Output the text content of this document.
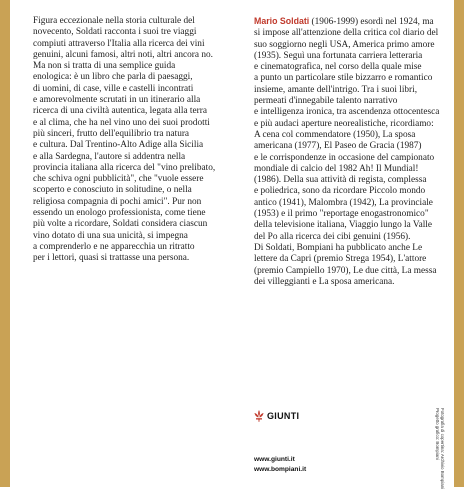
Figura eccezionale nella storia culturale del
novecento, Soldati racconta i suoi tre viaggi
compiuti attraverso l'Italia alla ricerca dei vini
genuini, alcuni famosi, altri noti, altri ancora no.
Ma non si tratta di una semplice guida
enologica: è un libro che parla di paesaggi,
di uomini, di case, ville e castelli incontrati
e amorevolmente scrutati in un itinerario alla
ricerca di una civiltà autentica, legata alla terra
e al clima, che ha nel vino uno dei suoi prodotti
più sinceri, frutto dell'equilibrio tra natura
e cultura. Dal Trentino-Alto Adige alla Sicilia
e alla Sardegna, l'autore si addentra nella
provincia italiana alla ricerca del "vino prelibato,
che schiva ogni pubblicità", che "vuole essere
scoperto e conosciuto in solitudine, o nella
religiosa compagnia di pochi amici". Pur non
essendo un enologo professionista, come tiene
più volte a ricordare, Soldati considera ciascun
vino dotato di una sua unicità, si impegna
a comprenderlo e ne apparecchia un ritratto
per i lettori, quasi si trattasse una persona.
Mario Soldati (1906-1999) esordì nel 1924, ma
si impose all'attenzione della critica col diario del
suo soggiorno negli USA, America primo amore
(1935). Seguì una fortunata carriera letteraria
e cinematografica, nel corso della quale mise
a punto un particolare stile bizzarro e romantico
insieme, amante dell'intrigo. Tra i suoi libri,
permeati d'innegabile talento narrativo
e intelligenza ironica, tra ascendenza ottocentesca
e più audaci aperture neorealistiche, ricordiamo:
A cena col commendatore (1950), La sposa
americana (1977), El Paseo de Gracia (1987)
e le corrispondenze in occasione del campionato
mondiale di calcio del 1982 Ah! Il Mundial!
(1986). Della sua attività di regista, complessa
e poliedrica, sono da ricordare Piccolo mondo
antico (1941), Malombra (1942), La provinciale
(1953) e il primo "reportage enogastronomico"
della televisione italiana, Viaggio lungo la Valle
del Po alla ricerca dei cibi genuini (1956).
Di Soldati, Bompiani ha pubblicato anche Le
lettere da Capri (premio Strega 1954), L'attore
(premio Campiello 1970), Le due città, La messa
dei villeggianti e La sposa americana.
GIUNTI
www.giunti.it
www.bompiani.it
Fotografia di copertina: Archivio Bompiani
Progetto grafico: Bompiani
